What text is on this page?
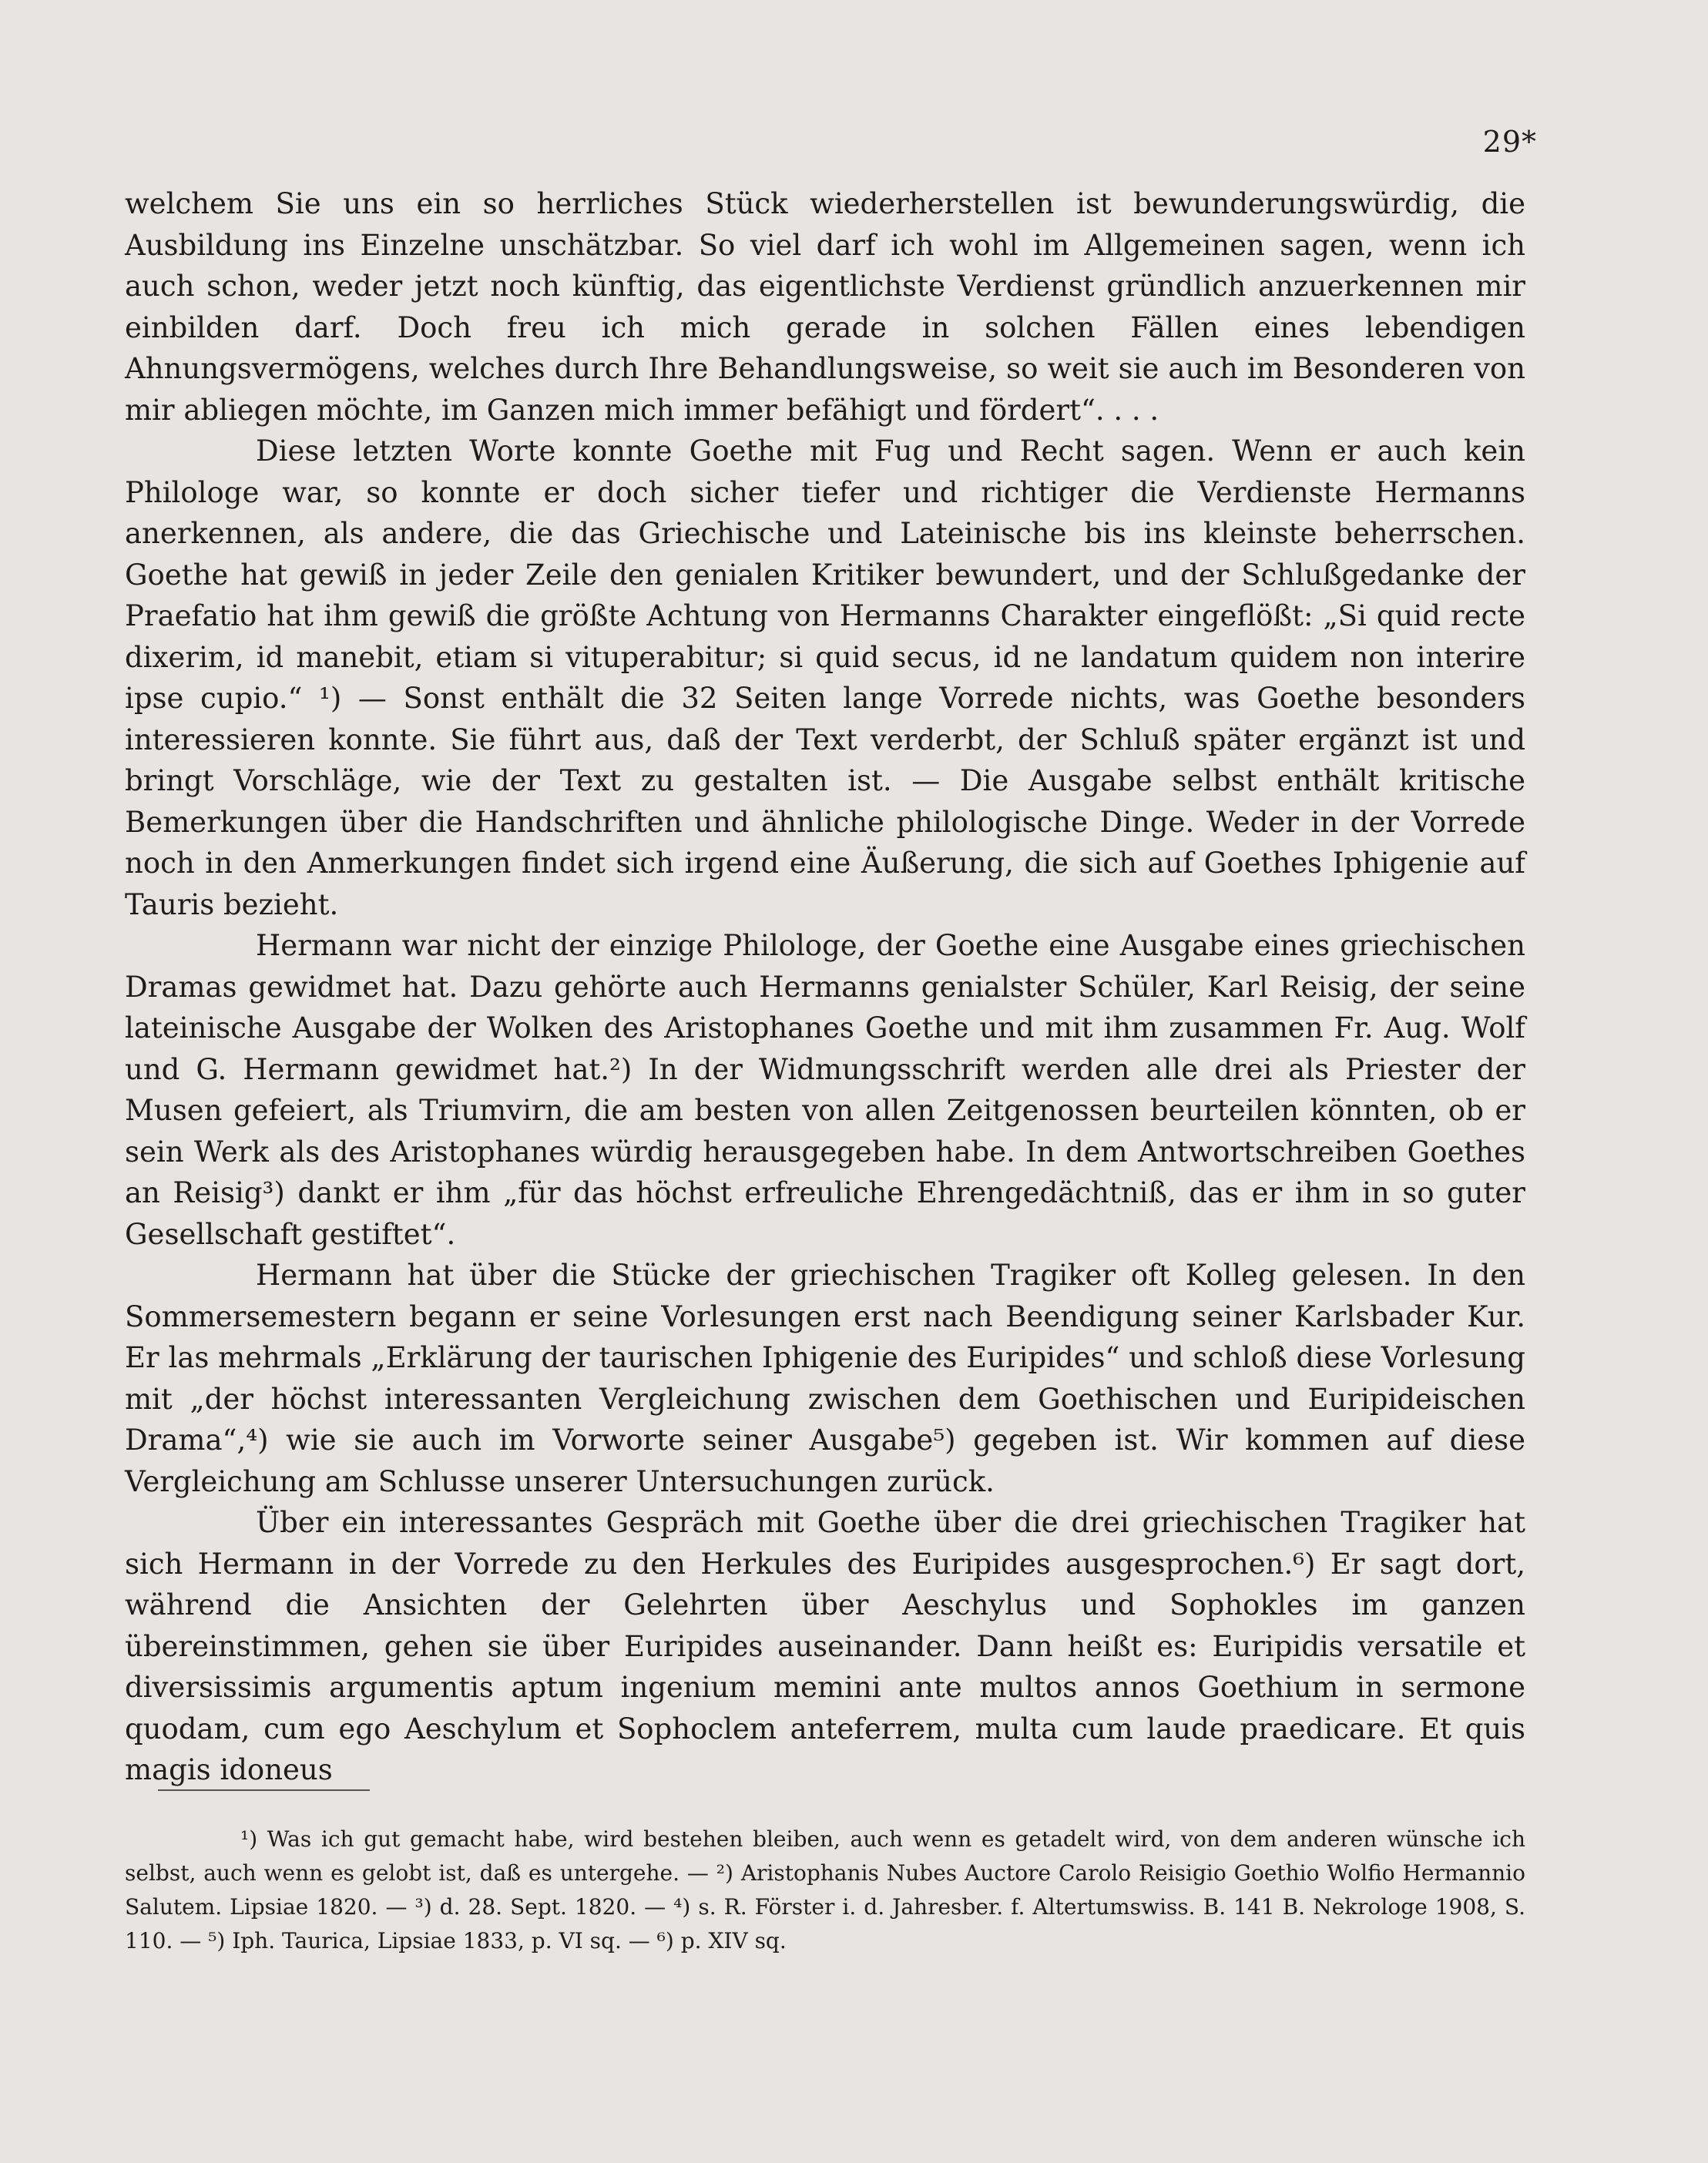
29*

welchem Sie uns ein so herrliches Stück wiederherstellen ist bewunderungswürdig, die Ausbildung ins Einzelne unschätzbar. So viel darf ich wohl im Allgemeinen sagen, wenn ich auch schon, weder jetzt noch künftig, das eigentlichste Verdienst gründlich anzuerkennen mir einbilden darf. Doch freu ich mich gerade in solchen Fällen eines lebendigen Ahnungsvermögens, welches durch Ihre Behandlungsweise, so weit sie auch im Besonderen von mir abliegen möchte, im Ganzen mich immer befähigt und fördert“. . . .

Diese letzten Worte konnte Goethe mit Fug und Recht sagen. Wenn er auch kein Philologe war, so konnte er doch sicher tiefer und richtiger die Verdienste Hermanns anerkennen, als andere, die das Griechische und Lateinische bis ins kleinste beherrschen. Goethe hat gewiß in jeder Zeile den genialen Kritiker bewundert, und der Schlußgedanke der Praefatio hat ihm gewiß die größte Achtung von Hermanns Charakter eingeflößt: „Si quid recte dixerim, id manebit, etiam si vituperabitur; si quid secus, id ne landatum quidem non interire ipse cupio.“ ¹) — Sonst enthält die 32 Seiten lange Vorrede nichts, was Goethe besonders interessieren konnte. Sie führt aus, daß der Text verderbt, der Schluß später ergänzt ist und bringt Vorschläge, wie der Text zu gestalten ist. — Die Ausgabe selbst enthält kritische Bemerkungen über die Handschriften und ähnliche philologische Dinge. Weder in der Vorrede noch in den Anmerkungen findet sich irgend eine Äußerung, die sich auf Goethes Iphigenie auf Tauris bezieht.

Hermann war nicht der einzige Philologe, der Goethe eine Ausgabe eines griechischen Dramas gewidmet hat. Dazu gehörte auch Hermanns genialster Schüler, Karl Reisig, der seine lateinische Ausgabe der Wolken des Aristophanes Goethe und mit ihm zusammen Fr. Aug. Wolf und G. Hermann gewidmet hat.²) In der Widmungsschrift werden alle drei als Priester der Musen gefeiert, als Triumvirn, die am besten von allen Zeitgenossen beurteilen könnten, ob er sein Werk als des Aristophanes würdig herausgegeben habe. In dem Antwortschreiben Goethes an Reisig³) dankt er ihm „für das höchst erfreuliche Ehrengedächtniß, das er ihm in so guter Gesellschaft gestiftet“.

Hermann hat über die Stücke der griechischen Tragiker oft Kolleg gelesen. In den Sommersemestern begann er seine Vorlesungen erst nach Beendigung seiner Karlsbader Kur. Er las mehrmals „Erklärung der taurischen Iphigenie des Euripides“ und schloß diese Vorlesung mit „der höchst interessanten Vergleichung zwischen dem Goethischen und Euripideischen Drama“,⁴) wie sie auch im Vorworte seiner Ausgabe⁵) gegeben ist. Wir kommen auf diese Vergleichung am Schlusse unserer Untersuchungen zurück.

Über ein interessantes Gespräch mit Goethe über die drei griechischen Tragiker hat sich Hermann in der Vorrede zu den Herkules des Euripides ausgesprochen.⁶) Er sagt dort, während die Ansichten der Gelehrten über Aeschylus und Sophokles im ganzen übereinstimmen, gehen sie über Euripides auseinander. Dann heißt es: Euripidis versatile et diversissimis argumentis aptum ingenium memini ante multos annos Goethium in sermone quodam, cum ego Aeschylum et Sophoclem anteferrem, multa cum laude praedicare. Et quis magis idoneus

¹) Was ich gut gemacht habe, wird bestehen bleiben, auch wenn es getadelt wird, von dem anderen wünsche ich selbst, auch wenn es gelobt ist, daß es untergehe. — ²) Aristophanis Nubes Auctore Carolo Reisigio Goethio Wolfio Hermannio Salutem. Lipsiae 1820. — ³) d. 28. Sept. 1820. — ⁴) s. R. Förster i. d. Jahresber. f. Altertumswiss. B. 141 B. Nekrologe 1908, S. 110. — ⁵) Iph. Taurica, Lipsiae 1833, p. VI sq. — ⁶) p. XIV sq.
